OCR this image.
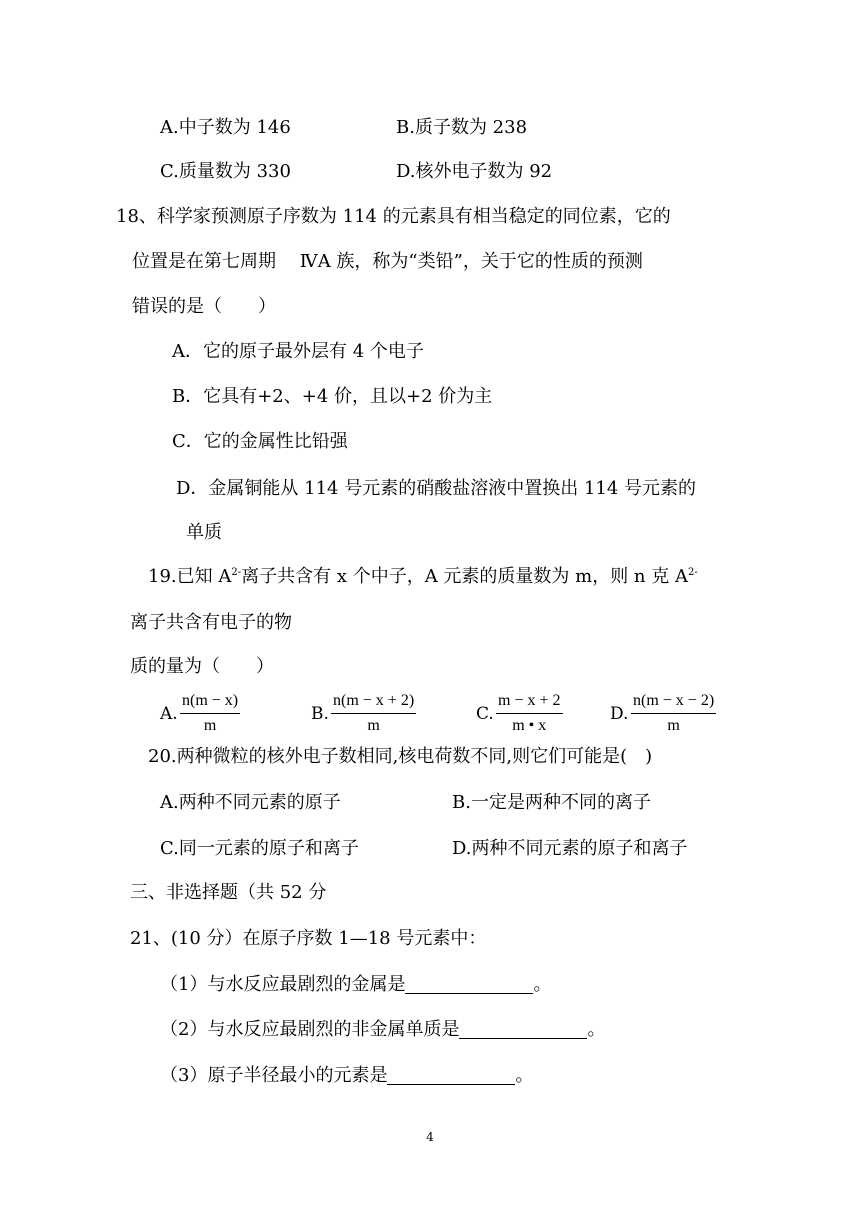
A.中子数为 146	B.质子数为 238
C.质量数为 330	D.核外电子数为 92
18、科学家预测原子序数为 114 的元素具有相当稳定的同位素，它的
位置是在第七周期　 ⅣA 族，称为“类铅”，关于它的性质的预测
错误的是（　　）
A．它的原子最外层有 4 个电子
B．它具有+2、+4 价，且以+2 价为主
C．它的金属性比铅强
D．金属铜能从 114 号元素的硝酸盐溶液中置换出 114 号元素的
单质
19.已知 $A^{2-}$离子共含有 x 个中子，A 元素的质量数为 m，则 n 克 $A^{2-}$
离子共含有电子的物
质的量为（　　）
A. $\frac{n(m - x)}{m}$	B. $\frac{n(m - x + 2)}{m}$	C. $\frac{m - x + 2}{m • x}$	D. $\frac{n(m - x - 2)}{m}$
20.两种微粒的核外电子数相同,核电荷数不同,则它们可能是(　)
A.两种不同元素的原子	B.一定是两种不同的离子
C.同一元素的原子和离子	D.两种不同元素的原子和离子
三、非选择题（共 52 分
21、(10 分）在原子序数 1—18 号元素中：
（1）与水反应最剧烈的金属是	。
（2）与水反应最剧烈的非金属单质是	。
（3）原子半径最小的元素是	。
4
